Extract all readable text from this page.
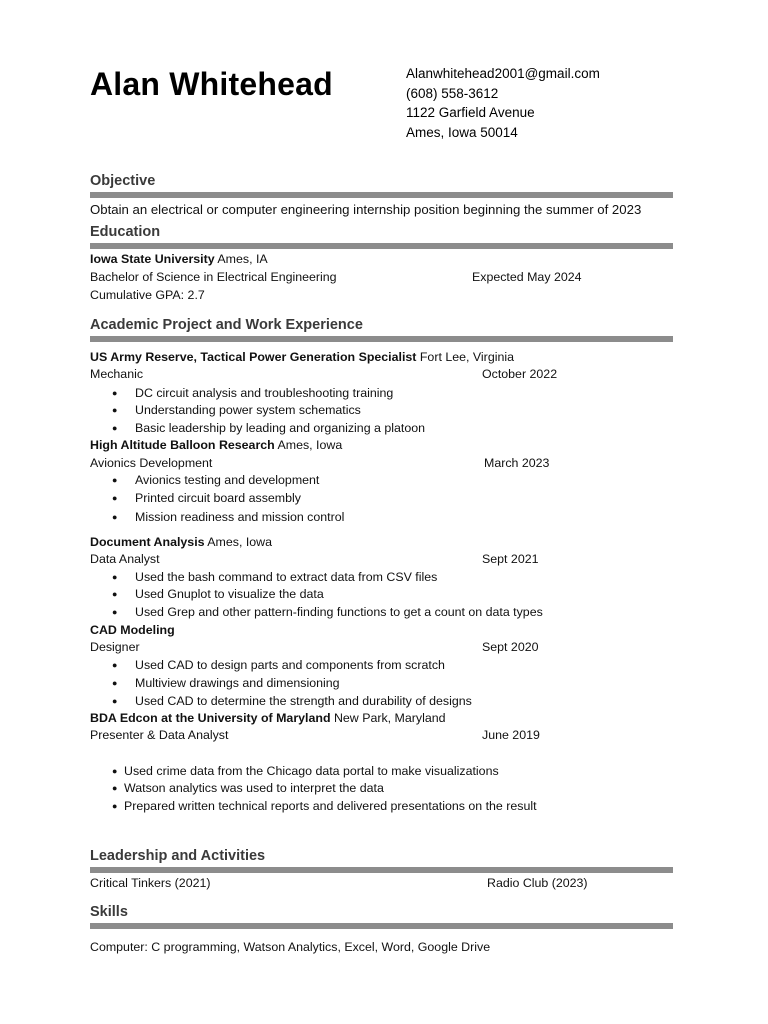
Alan Whitehead	Alanwhitehead2001@gmail.com
(608) 558-3612
1122 Garfield Avenue
Ames, Iowa 50014
Objective
Obtain an electrical or computer engineering internship position beginning the summer of 2023
Education
Iowa State University Ames, IA
Bachelor of Science in Electrical Engineering	Expected May 2024
Cumulative GPA: 2.7
Academic Project and Work Experience
US Army Reserve, Tactical Power Generation Specialist Fort Lee, Virginia
Mechanic	October 2022
● DC circuit analysis and troubleshooting training
● Understanding power system schematics
● Basic leadership by leading and organizing a platoon
High Altitude Balloon Research Ames, Iowa
Avionics Development	March 2023
● Avionics testing and development
● Printed circuit board assembly
● Mission readiness and mission control
Document Analysis Ames, Iowa
Data Analyst	Sept 2021
● Used the bash command to extract data from CSV files
● Used Gnuplot to visualize the data
● Used Grep and other pattern-finding functions to get a count on data types
CAD Modeling
Designer	Sept 2020
● Used CAD to design parts and components from scratch
● Multiview drawings and dimensioning
● Used CAD to determine the strength and durability of designs
BDA Edcon at the University of Maryland New Park, Maryland
Presenter & Data Analyst	June 2019
● Used crime data from the Chicago data portal to make visualizations
● Watson analytics was used to interpret the data
● Prepared written technical reports and delivered presentations on the result
Leadership and Activities
Critical Tinkers (2021)	Radio Club (2023)
Skills
Computer: C programming, Watson Analytics, Excel, Word, Google Drive
